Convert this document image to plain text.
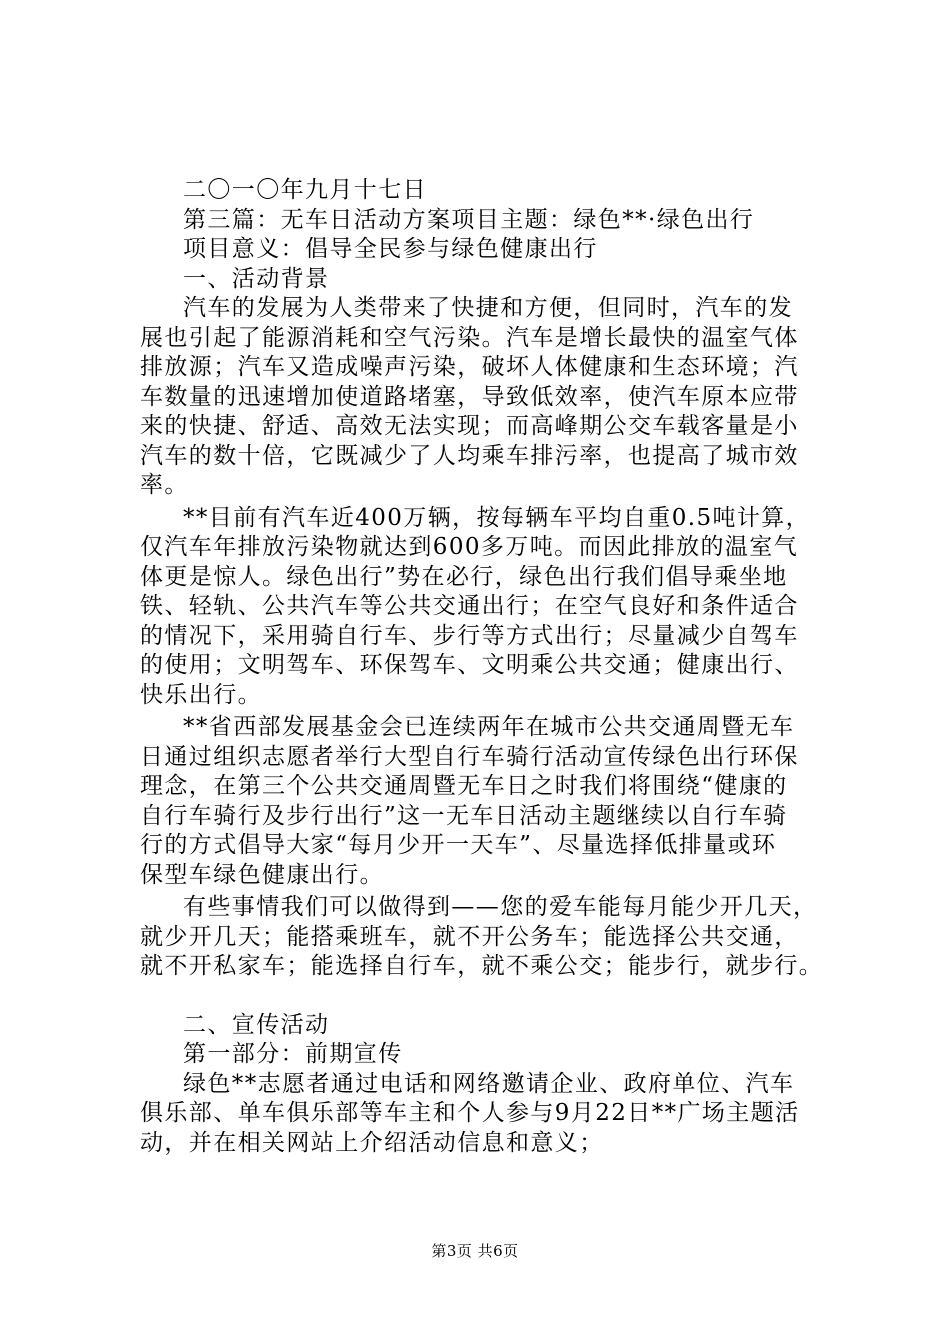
二〇一〇年九月十七日
第三篇：无车日活动方案项目主题：绿色**·绿色出行
项目意义：倡导全民参与绿色健康出行
一、活动背景
汽车的发展为人类带来了快捷和方便，但同时，汽车的发
展也引起了能源消耗和空气污染。汽车是增长最快的温室气体
排放源；汽车又造成噪声污染，破坏人体健康和生态环境；汽
车数量的迅速增加使道路堵塞，导致低效率，使汽车原本应带
来的快捷、舒适、高效无法实现；而高峰期公交车载客量是小
汽车的数十倍，它既减少了人均乘车排污率，也提高了城市效
率。
**目前有汽车近400万辆，按每辆车平均自重0.5吨计算，
仅汽车年排放污染物就达到600多万吨。而因此排放的温室气
体更是惊人。绿色出行”势在必行，绿色出行我们倡导乘坐地
铁、轻轨、公共汽车等公共交通出行；在空气良好和条件适合
的情况下，采用骑自行车、步行等方式出行；尽量减少自驾车
的使用；文明驾车、环保驾车、文明乘公共交通；健康出行、
快乐出行。
**省西部发展基金会已连续两年在城市公共交通周暨无车
日通过组织志愿者举行大型自行车骑行活动宣传绿色出行环保
理念，在第三个公共交通周暨无车日之时我们将围绕“健康的
自行车骑行及步行出行”这一无车日活动主题继续以自行车骑
行的方式倡导大家“每月少开一天车”、尽量选择低排量或环
保型车绿色健康出行。
有些事情我们可以做得到——您的爱车能每月能少开几天，
就少开几天；能搭乘班车，就不开公务车；能选择公共交通，
就不开私家车；能选择自行车，就不乘公交；能步行，就步行。
二、宣传活动
第一部分：前期宣传
绿色**志愿者通过电话和网络邀请企业、政府单位、汽车
俱乐部、单车俱乐部等车主和个人参与9月22日**广场主题活
动，并在相关网站上介绍活动信息和意义；
第3页 共6页
